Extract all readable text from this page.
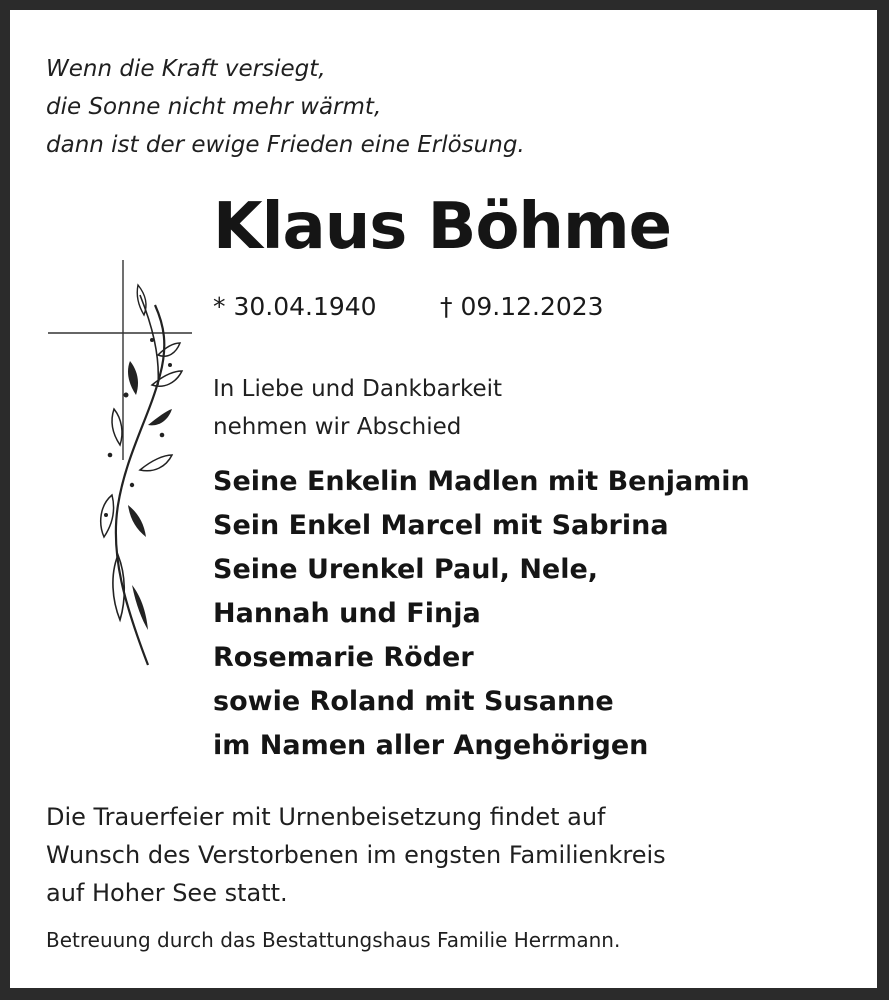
Wenn die Kraft versiegt,
die Sonne nicht mehr wärmt,
dann ist der ewige Frieden eine Erlösung.
Klaus Böhme
* 30.04.1940	† 09.12.2023
In Liebe und Dankbarkeit
nehmen wir Abschied
Seine Enkelin Madlen mit Benjamin
Sein Enkel Marcel mit Sabrina
Seine Urenkel Paul, Nele,
Hannah und Finja
Rosemarie Röder
sowie Roland mit Susanne
im Namen aller Angehörigen
Die Trauerfeier mit Urnenbeisetzung findet auf
Wunsch des Verstorbenen im engsten Familienkreis
auf Hoher See statt.
Betreuung durch das Bestattungshaus Familie Herrmann.
